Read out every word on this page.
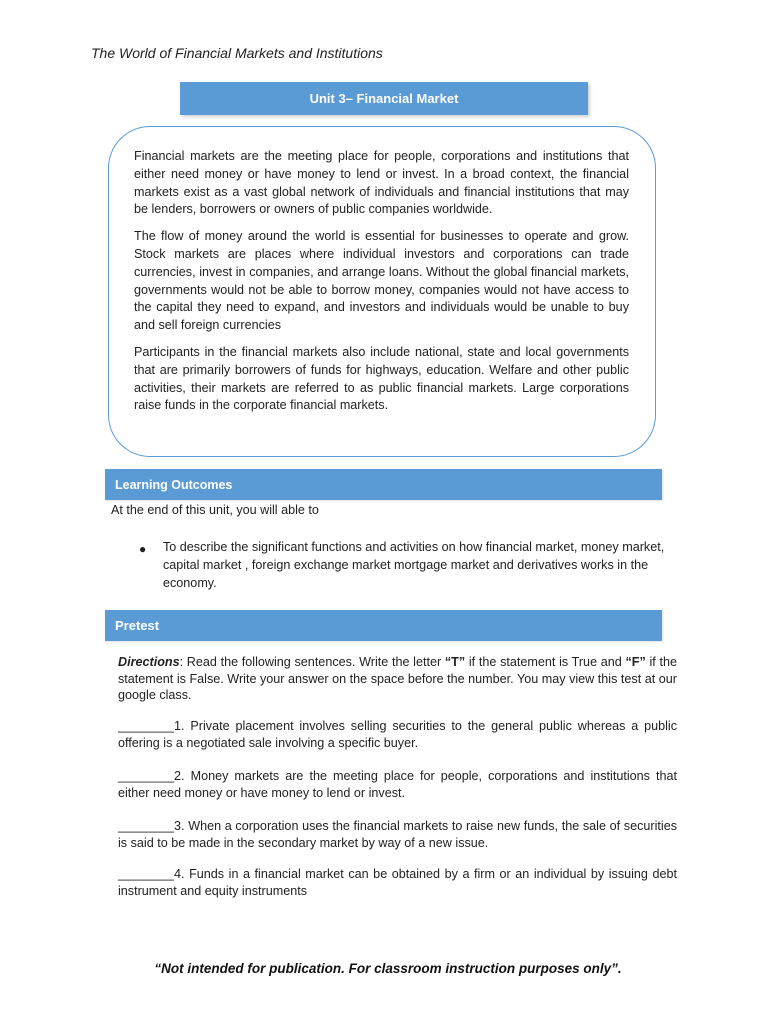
The World of Financial Markets and Institutions
Unit 3– Financial Market

Financial markets are the meeting place for people, corporations and institutions that either need money or have money to lend or invest. In a broad context, the financial markets exist as a vast global network of individuals and financial institutions that may be lenders, borrowers or owners of public companies worldwide.

The flow of money around the world is essential for businesses to operate and grow. Stock markets are places where individual investors and corporations can trade currencies, invest in companies, and arrange loans. Without the global financial markets, governments would not be able to borrow money, companies would not have access to the capital they need to expand, and investors and individuals would be unable to buy and sell foreign currencies

Participants in the financial markets also include national, state and local governments that are primarily borrowers of funds for highways, education. Welfare and other public activities, their markets are referred to as public financial markets. Large corporations raise funds in the corporate financial markets.

Learning Outcomes
At the end of this unit, you will able to
● To describe the significant functions and activities on how financial market, money market, capital market , foreign exchange market mortgage market and derivatives works in the economy.
Pretest
Directions: Read the following sentences. Write the letter “T” if the statement is True and “F” if the statement is False. Write your answer on the space before the number. You may view this test at our google class.
________1. Private placement involves selling securities to the general public whereas a public offering is a negotiated sale involving a specific buyer.
________2. Money markets are the meeting place for people, corporations and institutions that either need money or have money to lend or invest.
________3. When a corporation uses the financial markets to raise new funds, the sale of securities is said to be made in the secondary market by way of a new issue.
________4. Funds in a financial market can be obtained by a firm or an individual by issuing debt instrument and equity instruments
“Not intended for publication. For classroom instruction purposes only”.
